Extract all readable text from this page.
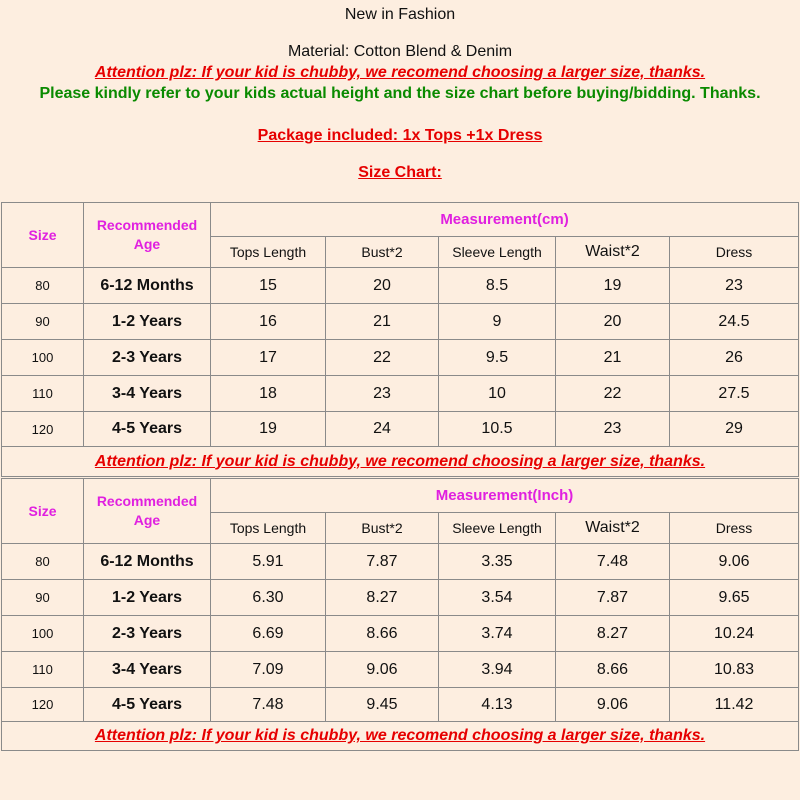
New in Fashion
Material: Cotton Blend & Denim
Attention plz: If your kid is chubby, we recomend choosing a larger size, thanks.
Please kindly refer to your kids actual height and the size chart before buying/bidding. Thanks.
Package included: 1x Tops +1x Dress
Size Chart:
Size	Recommended Age	Measurement(cm)				
		Tops Length	Bust*2	Sleeve Length	Waist*2	Dress
80	6-12 Months	15	20	8.5	19	23
90	1-2 Years	16	21	9	20	24.5
100	2-3 Years	17	22	9.5	21	26
110	3-4 Years	18	23	10	22	27.5
120	4-5 Years	19	24	10.5	23	29
Attention plz: If your kid is chubby, we recomend choosing a larger size, thanks.						
Size	Recommended Age	Measurement(Inch)				
		Tops Length	Bust*2	Sleeve Length	Waist*2	Dress
80	6-12 Months	5.91	7.87	3.35	7.48	9.06
90	1-2 Years	6.30	8.27	3.54	7.87	9.65
100	2-3 Years	6.69	8.66	3.74	8.27	10.24
110	3-4 Years	7.09	9.06	3.94	8.66	10.83
120	4-5 Years	7.48	9.45	4.13	9.06	11.42
Attention plz: If your kid is chubby, we recomend choosing a larger size, thanks.						
